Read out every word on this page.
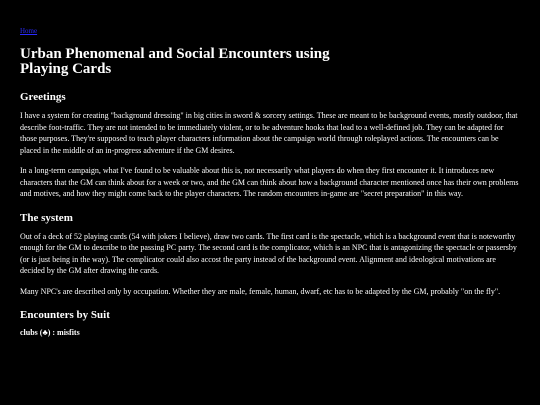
Home
Urban Phenomenal and Social Encounters using Playing Cards
Greetings

I have a system for creating "background dressing" in big cities in sword & sorcery settings. These are meant to be background events, mostly outdoor, that describe foot-traffic. They are not intended to be immediately violent, or to be adventure hooks that lead to a well-defined job. They can be adapted for those purposes. They're supposed to teach player characters information about the campaign world through roleplayed actions. The encounters can be placed in the middle of an in-progress adventure if the GM desires.

In a long-term campaign, what I've found to be valuable about this is, not necessarily what players do when they first encounter it. It introduces new characters that the GM can think about for a week or two, and the GM can think about how a background character mentioned once has their own problems and motives, and how they might come back to the player characters. The random encounters in-game are "secret preparation" in this way.

The system

Out of a deck of 52 playing cards (54 with jokers I believe), draw two cards. The first card is the spectacle, which is a background event that is noteworthy enough for the GM to describe to the passing PC party. The second card is the complicator, which is an NPC that is antagonizing the spectacle or passersby (or is just being in the way). The complicator could also accost the party instead of the background event. Alignment and ideological motivations are decided by the GM after drawing the cards.

Many NPC's are described only by occupation. Whether they are male, female, human, dwarf, etc has to be adapted by the GM, probably "on the fly".

Encounters by Suit
clubs (♣) : misfits
